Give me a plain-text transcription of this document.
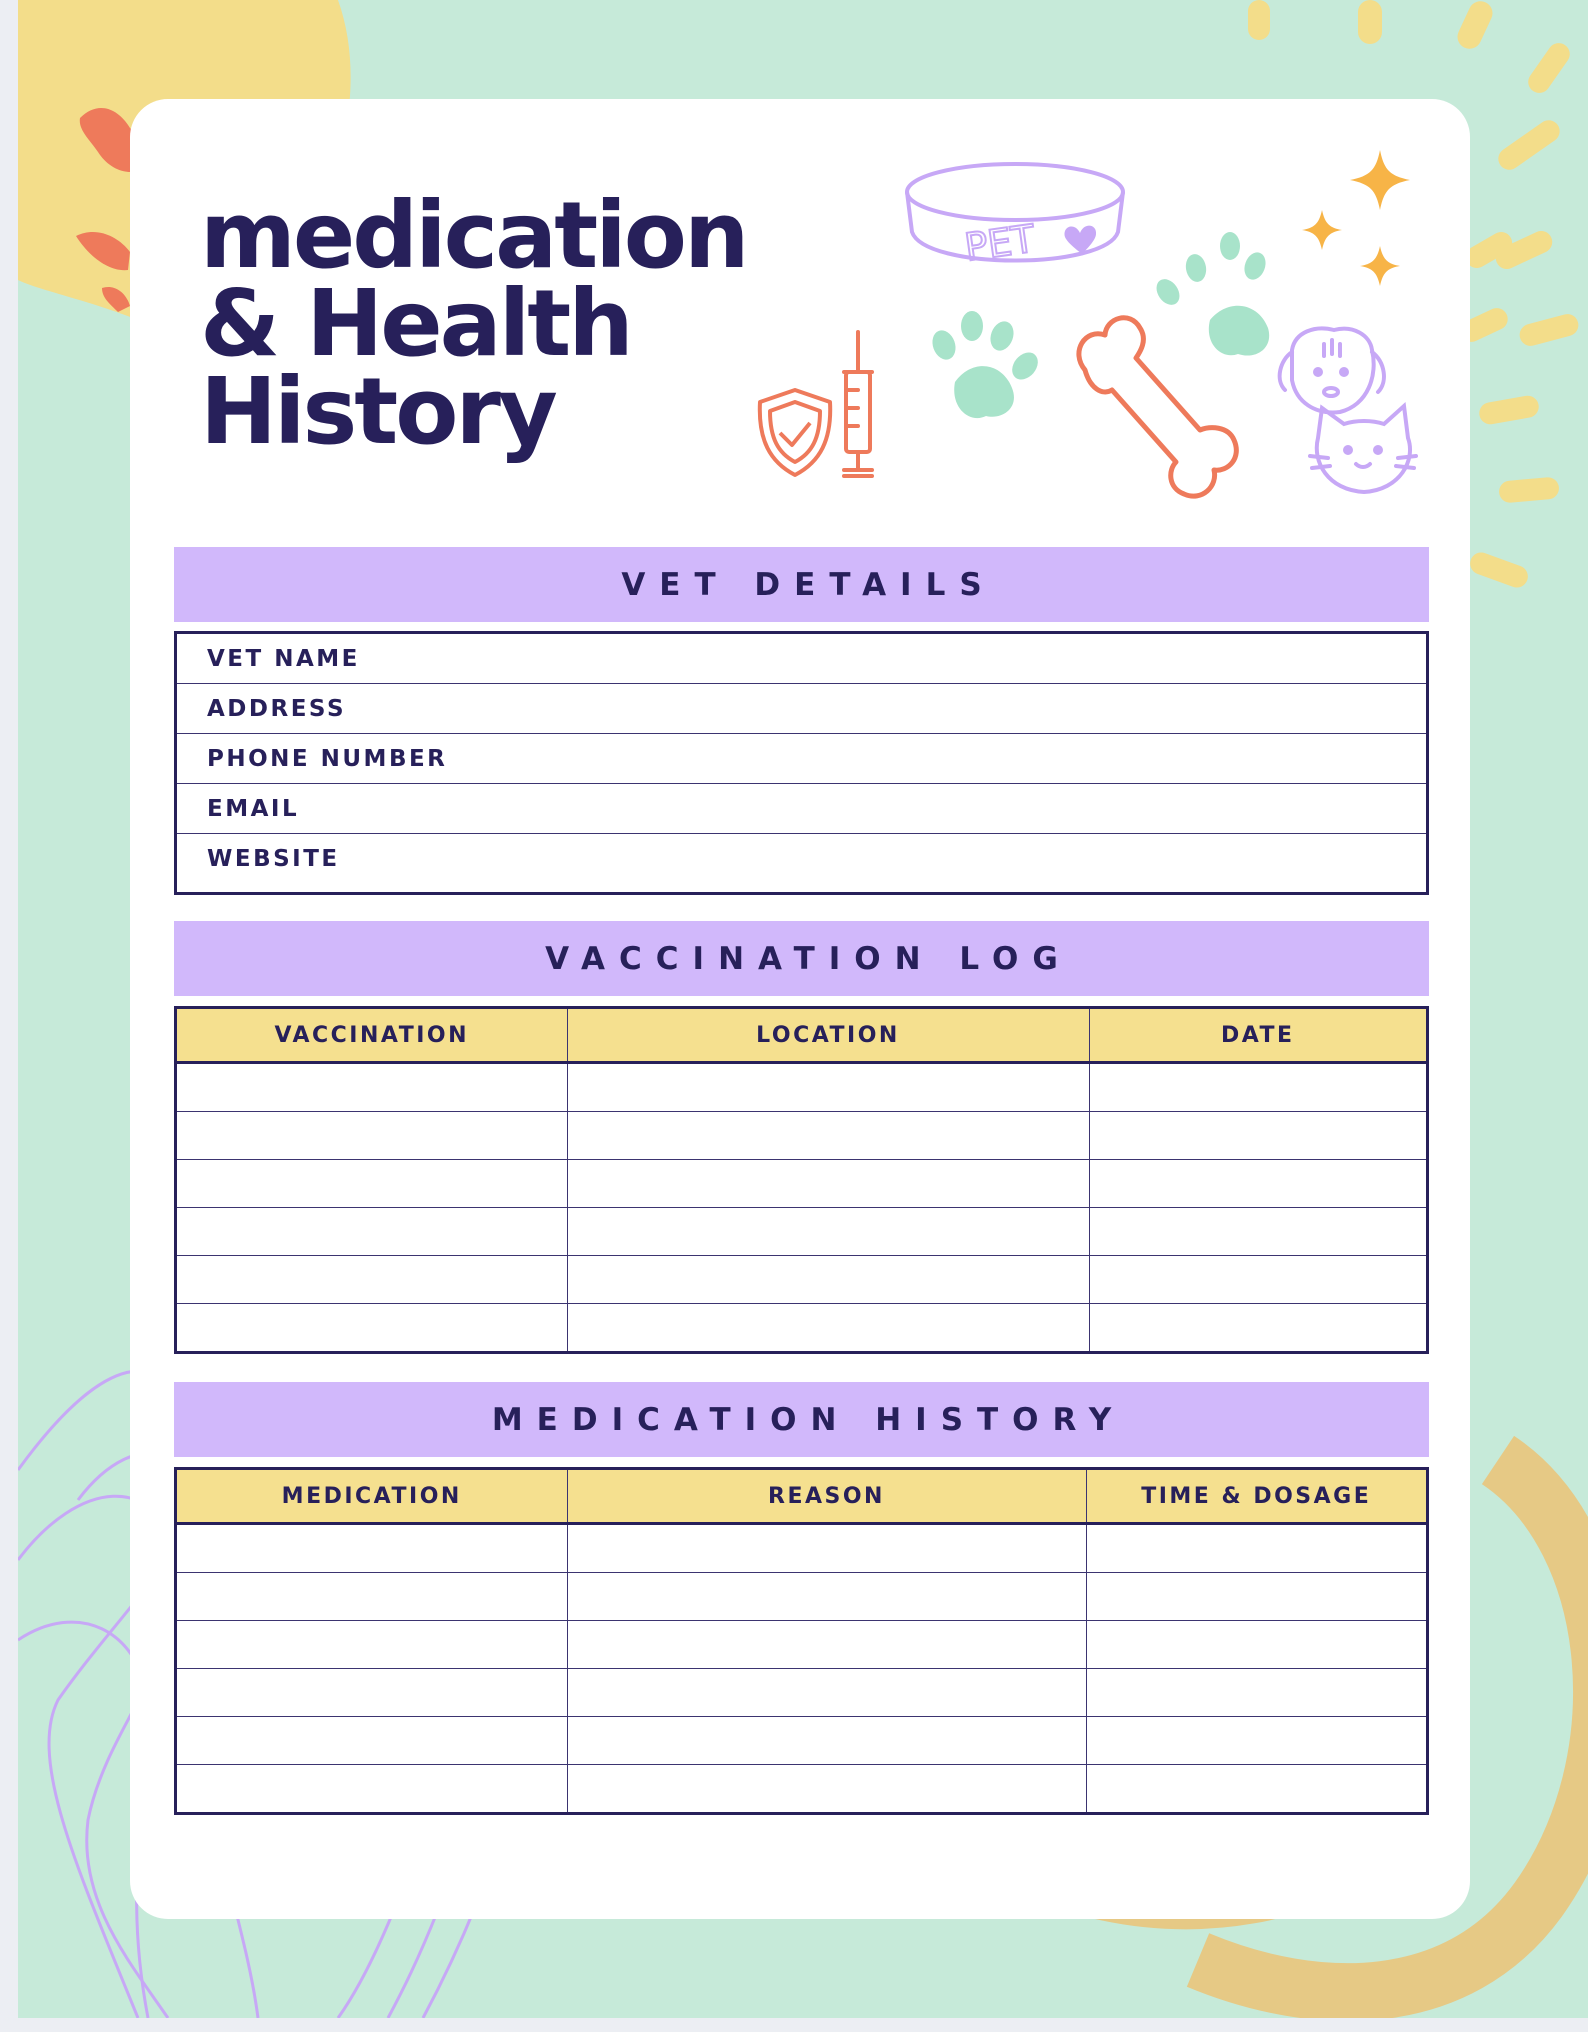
medication
& Health
History
PET
VET DETAILS
VET NAME
ADDRESS
PHONE NUMBER
EMAIL
WEBSITE
VACCINATION LOG
VACCINATION	LOCATION	DATE

MEDICATION HISTORY
MEDICATION	REASON	TIME & DOSAGE
